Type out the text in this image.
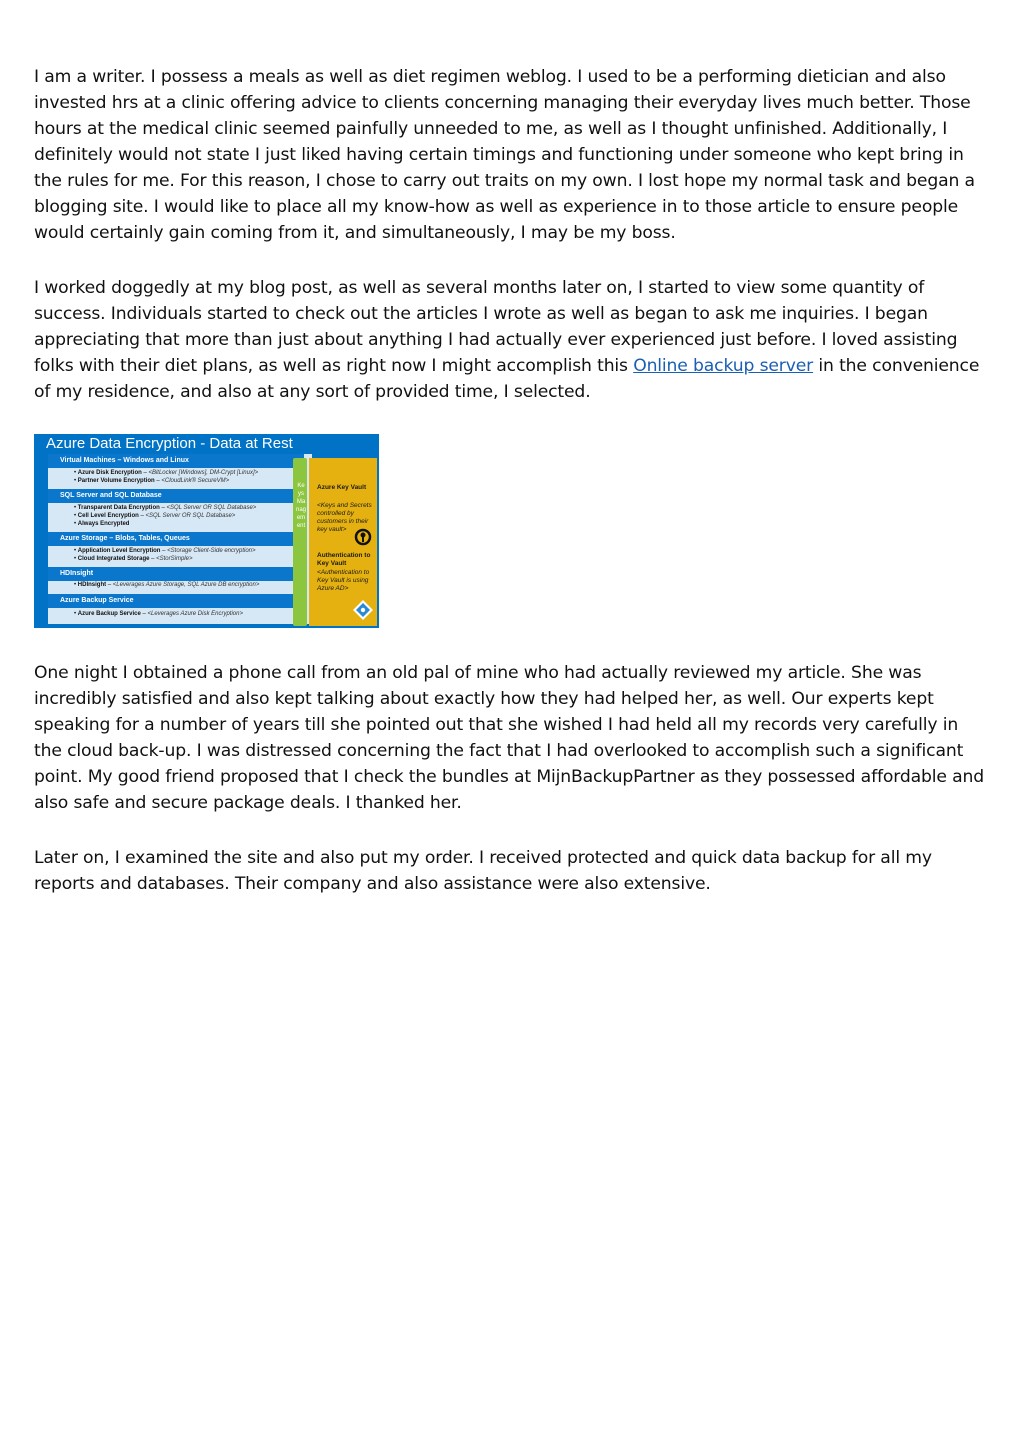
I am a writer. I possess a meals as well as diet regimen weblog. I used to be a performing dietician and also invested hrs at a clinic offering advice to clients concerning managing their everyday lives much better. Those hours at the medical clinic seemed painfully unneeded to me, as well as I thought unfinished. Additionally, I definitely would not state I just liked having certain timings and functioning under someone who kept bring in the rules for me. For this reason, I chose to carry out traits on my own. I lost hope my normal task and began a blogging site. I would like to place all my know-how as well as experience in to those article to ensure people would certainly gain coming from it, and simultaneously, I may be my boss.

I worked doggedly at my blog post, as well as several months later on, I started to view some quantity of success. Individuals started to check out the articles I wrote as well as began to ask me inquiries. I began appreciating that more than just about anything I had actually ever experienced just before. I loved assisting folks with their diet plans, as well as right now I might accomplish this Online backup server in the convenience of my residence, and also at any sort of provided time, I selected.

Azure Data Encryption - Data at Rest
Virtual Machines – Windows and Linux
• Azure Disk Encryption – <BitLocker [Windows], DM-Crypt [Linux]>
• Partner Volume Encryption – <CloudLink® SecureVM>
SQL Server and SQL Database
• Transparent Data Encryption – <SQL Server OR SQL Database>
• Cell Level Encryption – <SQL Server OR SQL Database>
• Always Encrypted
Azure Storage – Blobs, Tables, Queues
• Application Level Encryption – <Storage Client-Side encryption>
• Cloud Integrated Storage – <StorSimple>
HDInsight
• HDInsight – <Leverages Azure Storage, SQL Azure DB encryption>
Azure Backup Service
• Azure Backup Service – <Leverages Azure Disk Encryption>
Keys Management
Azure Key Vault
<Keys and Secrets controlled by customers in their key vault>
Authentication to Key Vault
<Authentication to Key Vault is using Azure AD>

One night I obtained a phone call from an old pal of mine who had actually reviewed my article. She was incredibly satisfied and also kept talking about exactly how they had helped her, as well. Our experts kept speaking for a number of years till she pointed out that she wished I had held all my records very carefully in the cloud back-up. I was distressed concerning the fact that I had overlooked to accomplish such a significant point. My good friend proposed that I check the bundles at MijnBackupPartner as they possessed affordable and also safe and secure package deals. I thanked her.

Later on, I examined the site and also put my order. I received protected and quick data backup for all my reports and databases. Their company and also assistance were also extensive.
